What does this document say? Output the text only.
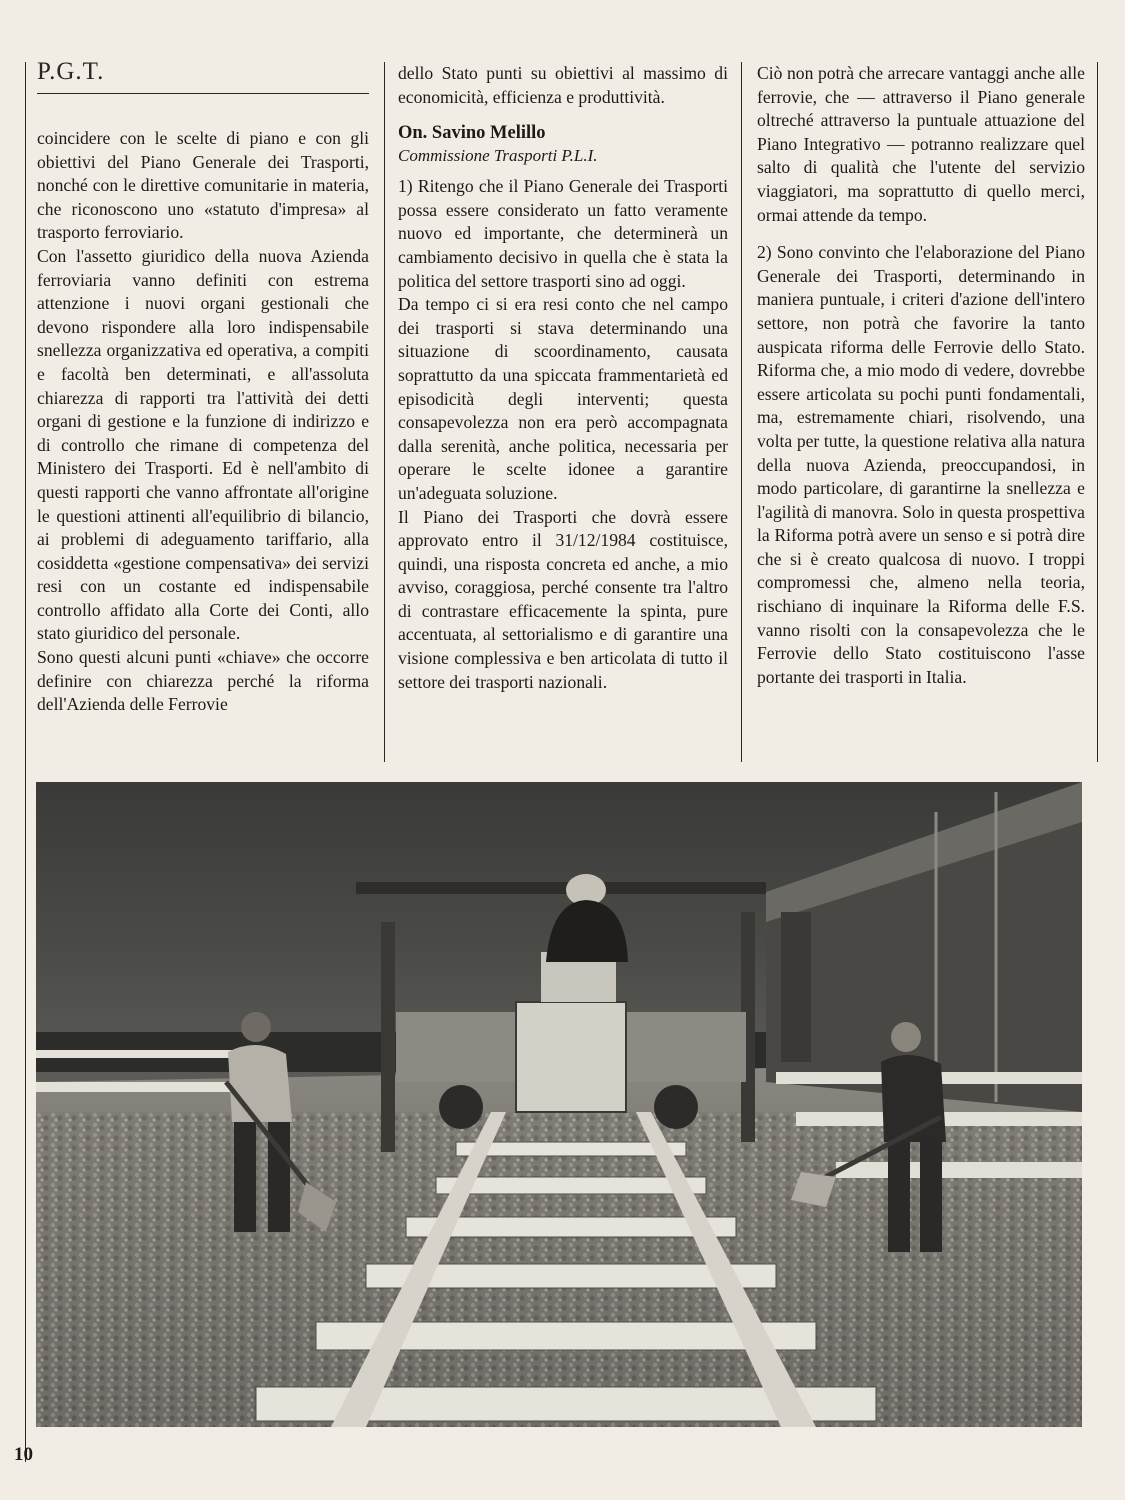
P.G.T.

coincidere con le scelte di piano e con gli obiettivi del Piano Generale dei Trasporti, nonché con le direttive comunitarie in materia, che riconoscono uno «statuto d'impresa» al trasporto ferroviario.

Con l'assetto giuridico della nuova Azienda ferroviaria vanno definiti con estrema attenzione i nuovi organi gestionali che devono rispondere alla loro indispensabile snellezza organizzativa ed operativa, a compiti e facoltà ben determinati, e all'assoluta chiarezza di rapporti tra l'attività dei detti organi di gestione e la funzione di indirizzo e di controllo che rimane di competenza del Ministero dei Trasporti. Ed è nell'ambito di questi rapporti che vanno affrontate all'origine le questioni attinenti all'equilibrio di bilancio, ai problemi di adeguamento tariffario, alla cosiddetta «gestione compensativa» dei servizi resi con un costante ed indispensabile controllo affidato alla Corte dei Conti, allo stato giuridico del personale.

Sono questi alcuni punti «chiave» che occorre definire con chiarezza perché la riforma dell'Azienda delle Ferrovie

dello Stato punti su obiettivi al massimo di economicità, efficienza e produttività.

On. Savino Melillo
Commissione Trasporti P.L.I.

1) Ritengo che il Piano Generale dei Trasporti possa essere considerato un fatto veramente nuovo ed importante, che determinerà un cambiamento decisivo in quella che è stata la politica del settore trasporti sino ad oggi.

Da tempo ci si era resi conto che nel campo dei trasporti si stava determinando una situazione di scoordinamento, causata soprattutto da una spiccata frammentarietà ed episodicità degli interventi; questa consapevolezza non era però accompagnata dalla serenità, anche politica, necessaria per operare le scelte idonee a garantire un'adeguata soluzione.

Il Piano dei Trasporti che dovrà essere approvato entro il 31/12/1984 costituisce, quindi, una risposta concreta ed anche, a mio avviso, coraggiosa, perché consente tra l'altro di contrastare efficacemente la spinta, pure accentuata, al settorialismo e di garantire una visione complessiva e ben articolata di tutto il settore dei trasporti nazionali.

Ciò non potrà che arrecare vantaggi anche alle ferrovie, che — attraverso il Piano generale oltreché attraverso la puntuale attuazione del Piano Integrativo — potranno realizzare quel salto di qualità che l'utente del servizio viaggiatori, ma soprattutto di quello merci, ormai attende da tempo.

2) Sono convinto che l'elaborazione del Piano Generale dei Trasporti, determinando in maniera puntuale, i criteri d'azione dell'intero settore, non potrà che favorire la tanto auspicata riforma delle Ferrovie dello Stato. Riforma che, a mio modo di vedere, dovrebbe essere articolata su pochi punti fondamentali, ma, estremamente chiari, risolvendo, una volta per tutte, la questione relativa alla natura della nuova Azienda, preoccupandosi, in modo particolare, di garantirne la snellezza e l'agilità di manovra. Solo in questa prospettiva la Riforma potrà avere un senso e si potrà dire che si è creato qualcosa di nuovo. I troppi compromessi che, almeno nella teoria, rischiano di inquinare la Riforma delle F.S. vanno risolti con la consapevolezza che le Ferrovie dello Stato costituiscono l'asse portante dei trasporti in Italia.

10
